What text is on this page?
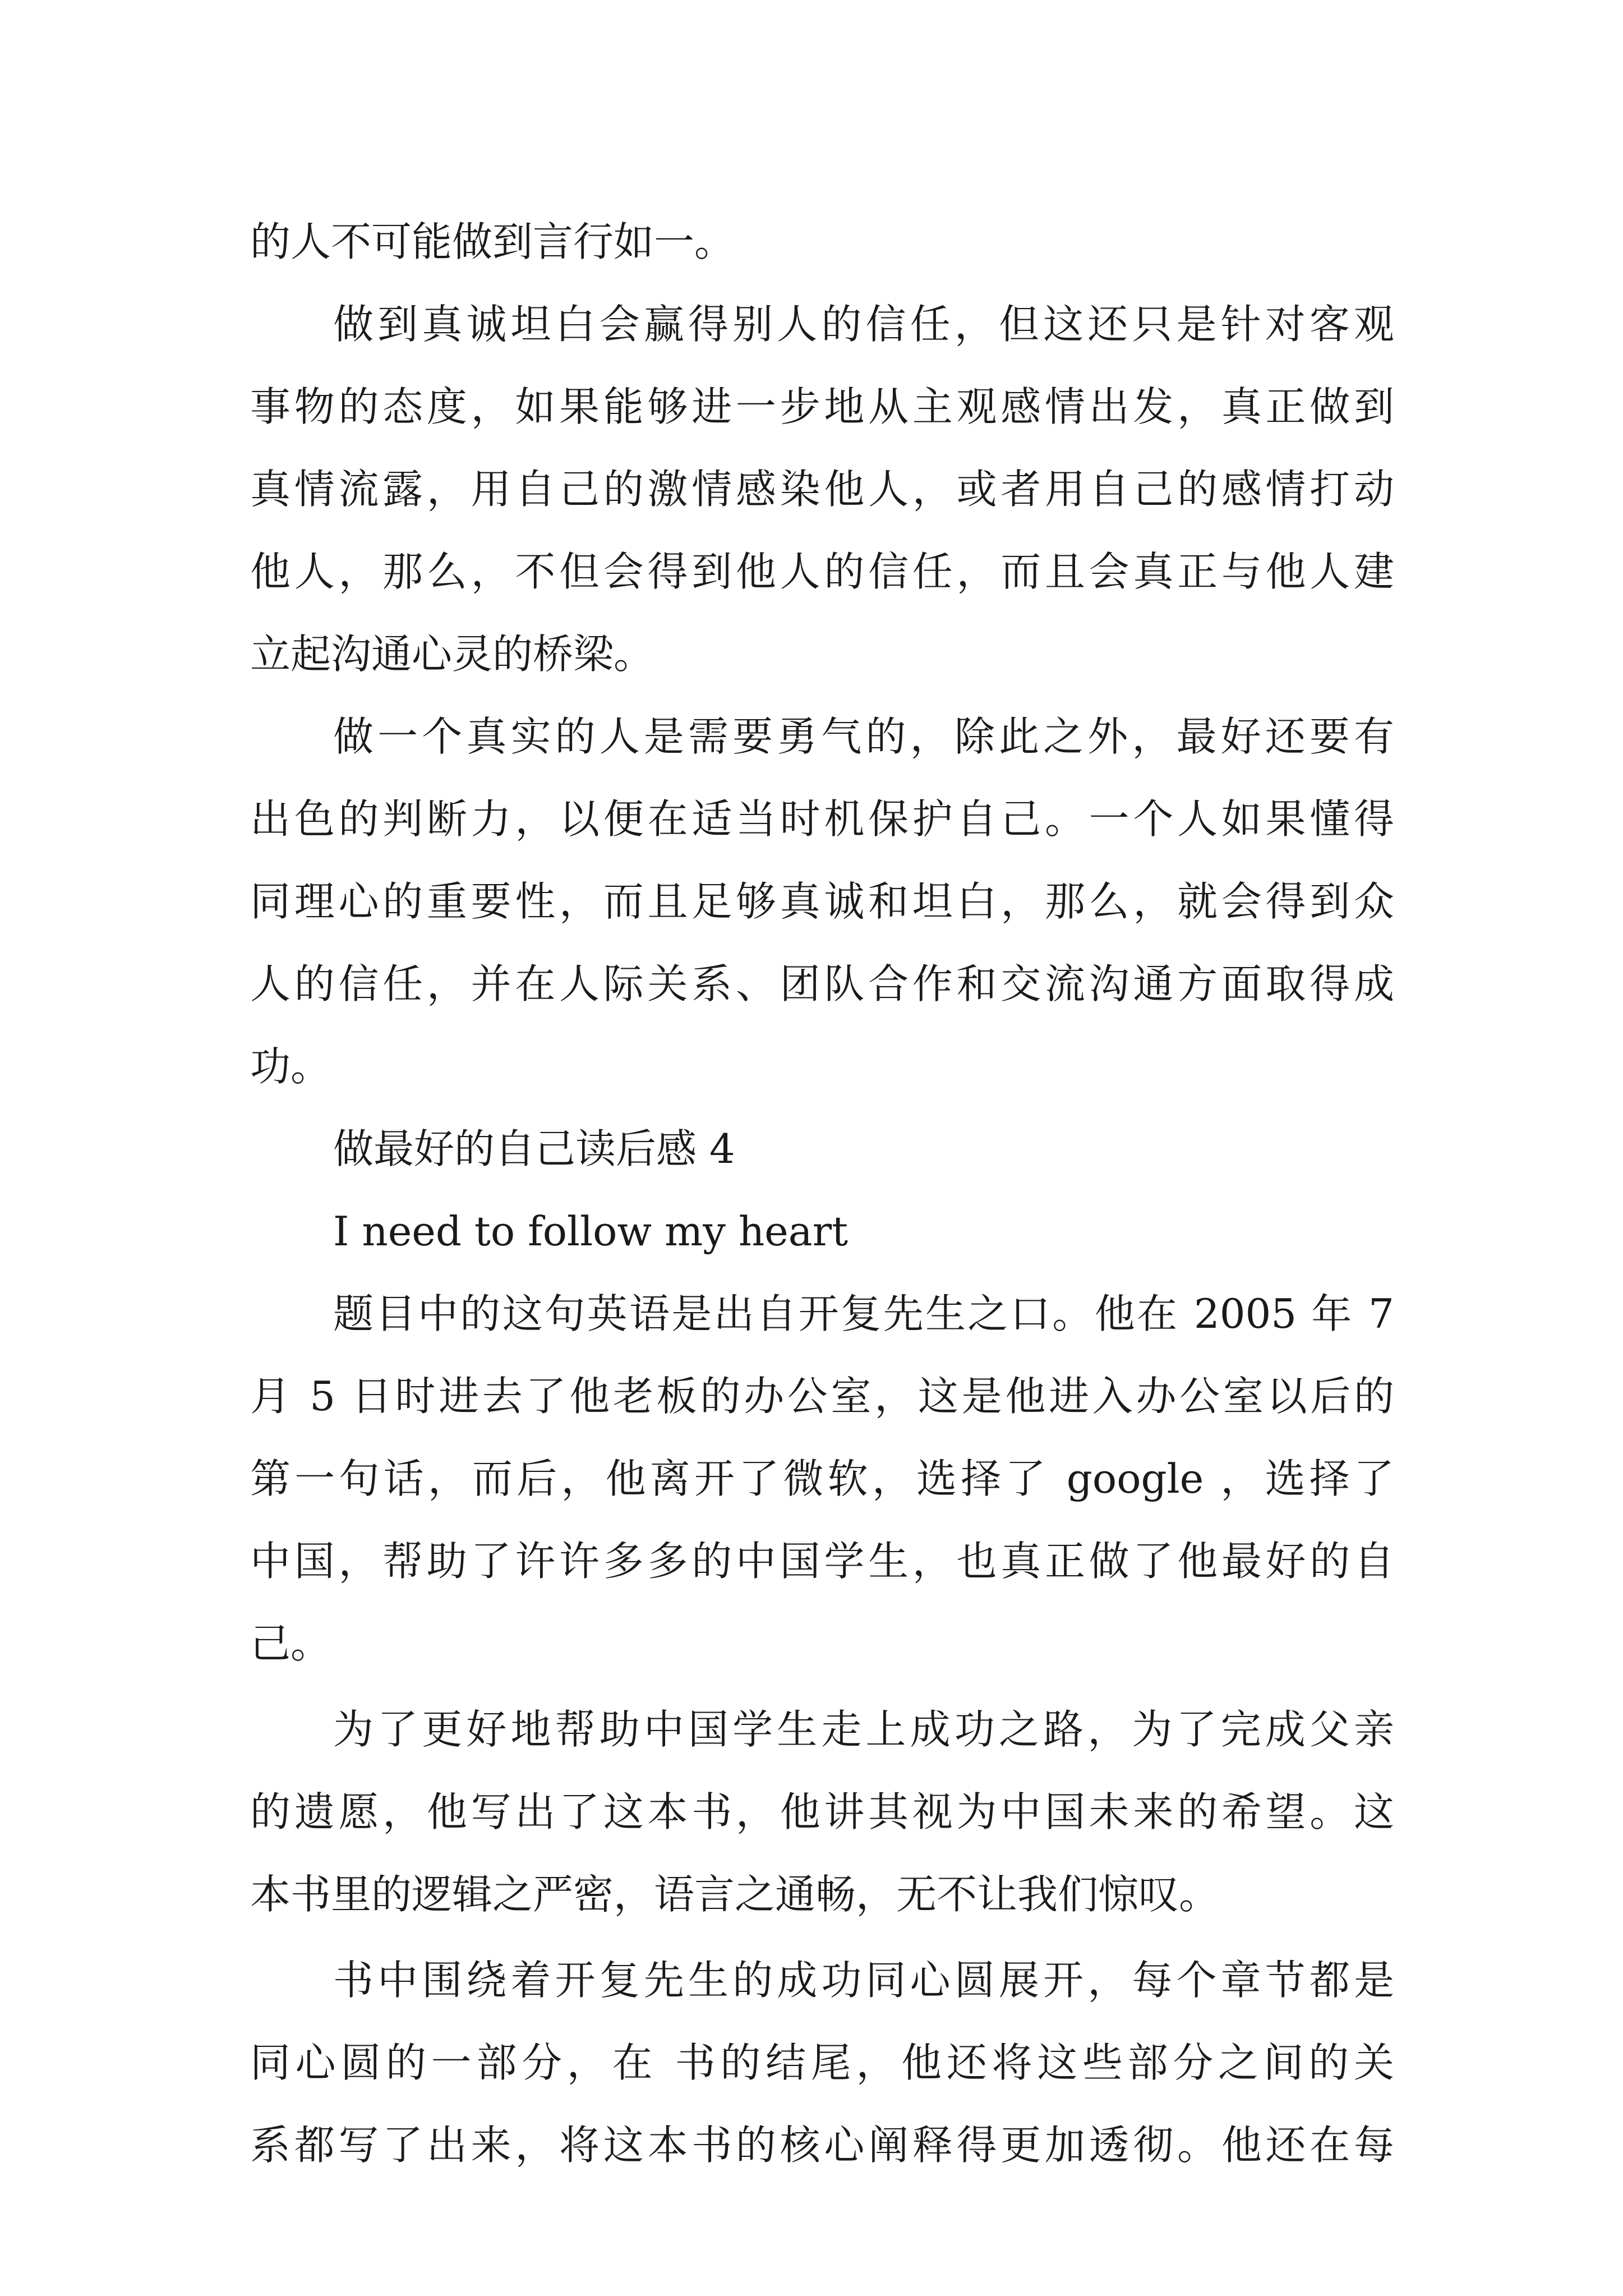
的人不可能做到言行如一。
做到真诚坦白会赢得别人的信任，但这还只是针对客观
事物的态度，如果能够进一步地从主观感情出发，真正做到
真情流露，用自己的激情感染他人，或者用自己的感情打动
他人，那么，不但会得到他人的信任，而且会真正与他人建
立起沟通心灵的桥梁。
做一个真实的人是需要勇气的，除此之外，最好还要有
出色的判断力，以便在适当时机保护自己。一个人如果懂得
同理心的重要性，而且足够真诚和坦白，那么，就会得到众
人的信任，并在人际关系、团队合作和交流沟通方面取得成
功。
做最好的自己读后感 4
I need to follow my heart
题目中的这句英语是出自开复先生之口。他在 2005 年 7
月 5 日时进去了他老板的办公室，这是他进入办公室以后的
第一句话，而后，他离开了微软，选择了 google ，选择了
中国，帮助了许许多多的中国学生，也真正做了他最好的自
己。
为了更好地帮助中国学生走上成功之路，为了完成父亲
的遗愿，他写出了这本书，他讲其视为中国未来的希望。这
本书里的逻辑之严密，语言之通畅，无不让我们惊叹。
书中围绕着开复先生的成功同心圆展开，每个章节都是
同心圆的一部分，在 书的结尾，他还将这些部分之间的关
系都写了出来，将这本书的核心阐释得更加透彻。他还在每
